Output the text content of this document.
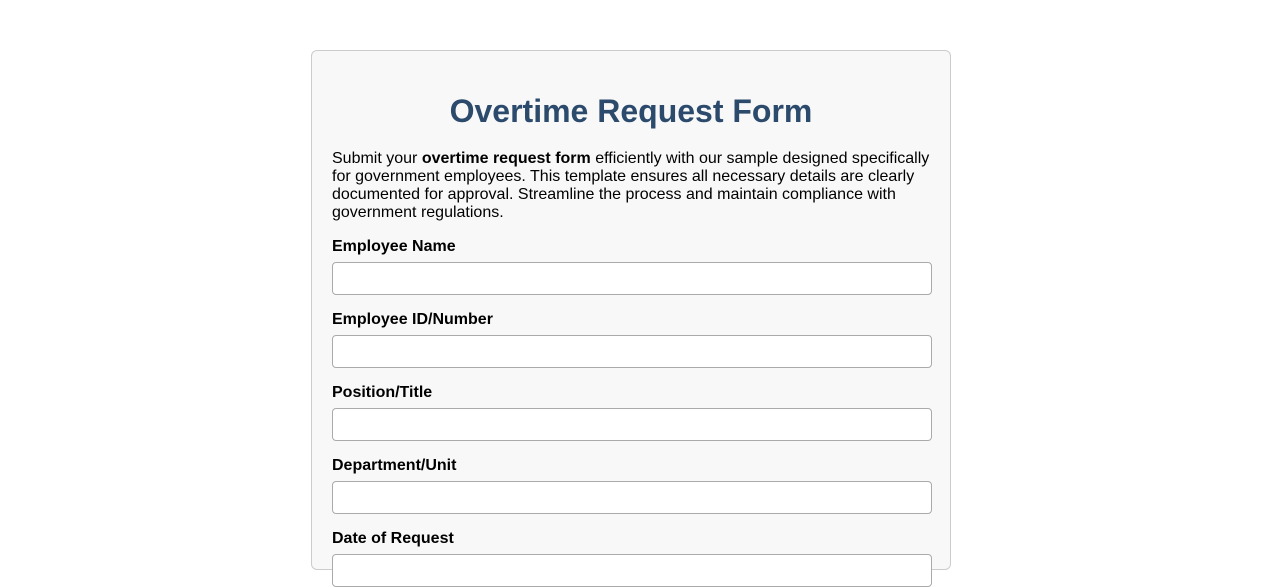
Overtime Request Form

Submit your overtime request form efficiently with our sample designed specifically for government employees. This template ensures all necessary details are clearly documented for approval. Streamline the process and maintain compliance with government regulations.

Employee Name
Employee ID/Number
Position/Title
Department/Unit
Date of Request
